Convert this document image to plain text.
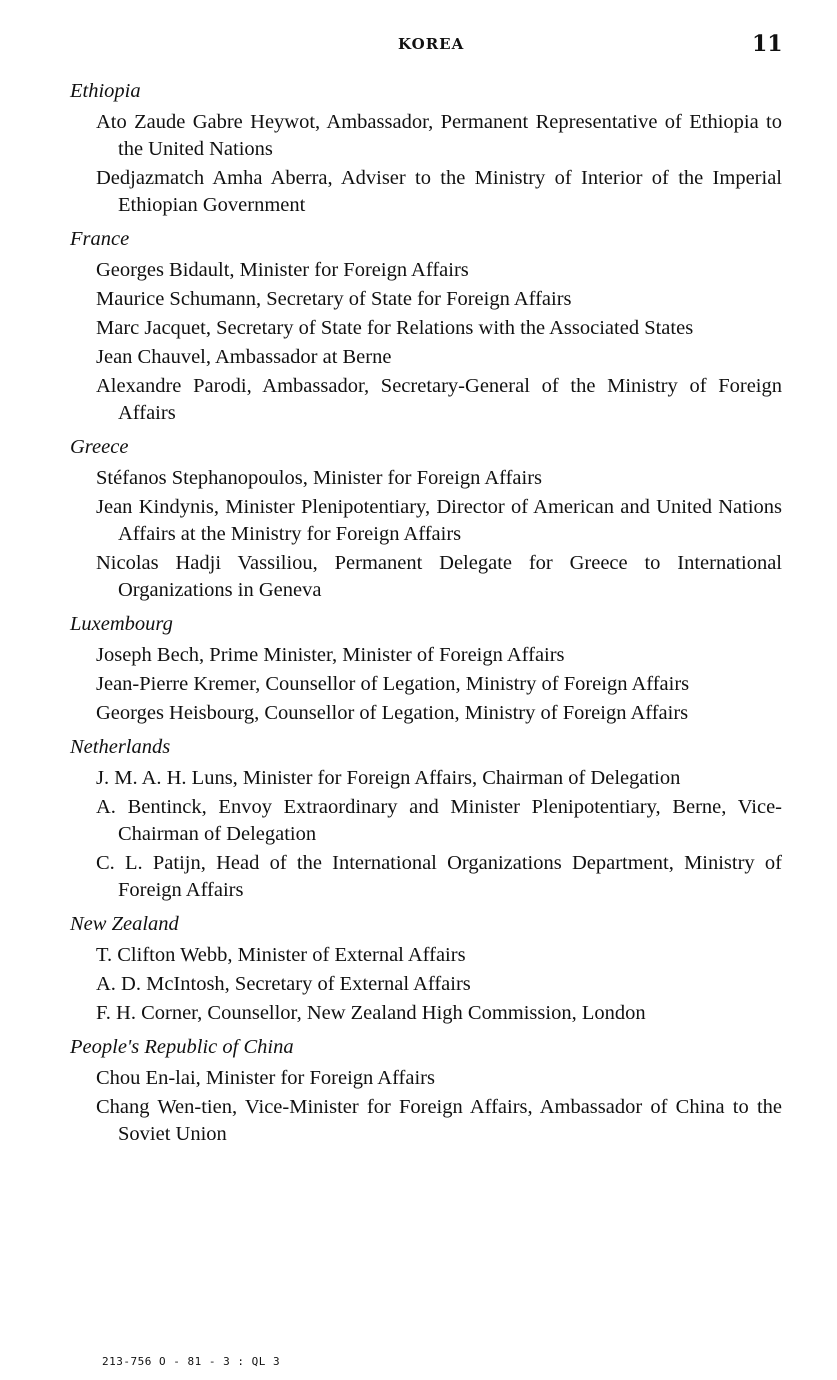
KOREA	11
Ethiopia
Ato Zaude Gabre Heywot, Ambassador, Permanent Representative of Ethiopia to the United Nations
Dedjazmatch Amha Aberra, Adviser to the Ministry of Interior of the Imperial Ethiopian Government
France
Georges Bidault, Minister for Foreign Affairs
Maurice Schumann, Secretary of State for Foreign Affairs
Marc Jacquet, Secretary of State for Relations with the Associated States
Jean Chauvel, Ambassador at Berne
Alexandre Parodi, Ambassador, Secretary-General of the Ministry of Foreign Affairs
Greece
Stéfanos Stephanopoulos, Minister for Foreign Affairs
Jean Kindynis, Minister Plenipotentiary, Director of American and United Nations Affairs at the Ministry for Foreign Affairs
Nicolas Hadji Vassiliou, Permanent Delegate for Greece to International Organizations in Geneva
Luxembourg
Joseph Bech, Prime Minister, Minister of Foreign Affairs
Jean-Pierre Kremer, Counsellor of Legation, Ministry of Foreign Affairs
Georges Heisbourg, Counsellor of Legation, Ministry of Foreign Affairs
Netherlands
J. M. A. H. Luns, Minister for Foreign Affairs, Chairman of Delegation
A. Bentinck, Envoy Extraordinary and Minister Plenipotentiary, Berne, Vice-Chairman of Delegation
C. L. Patijn, Head of the International Organizations Department, Ministry of Foreign Affairs
New Zealand
T. Clifton Webb, Minister of External Affairs
A. D. McIntosh, Secretary of External Affairs
F. H. Corner, Counsellor, New Zealand High Commission, London
People's Republic of China
Chou En-lai, Minister for Foreign Affairs
Chang Wen-tien, Vice-Minister for Foreign Affairs, Ambassador of China to the Soviet Union
213-756 O - 81 - 3 : QL 3
